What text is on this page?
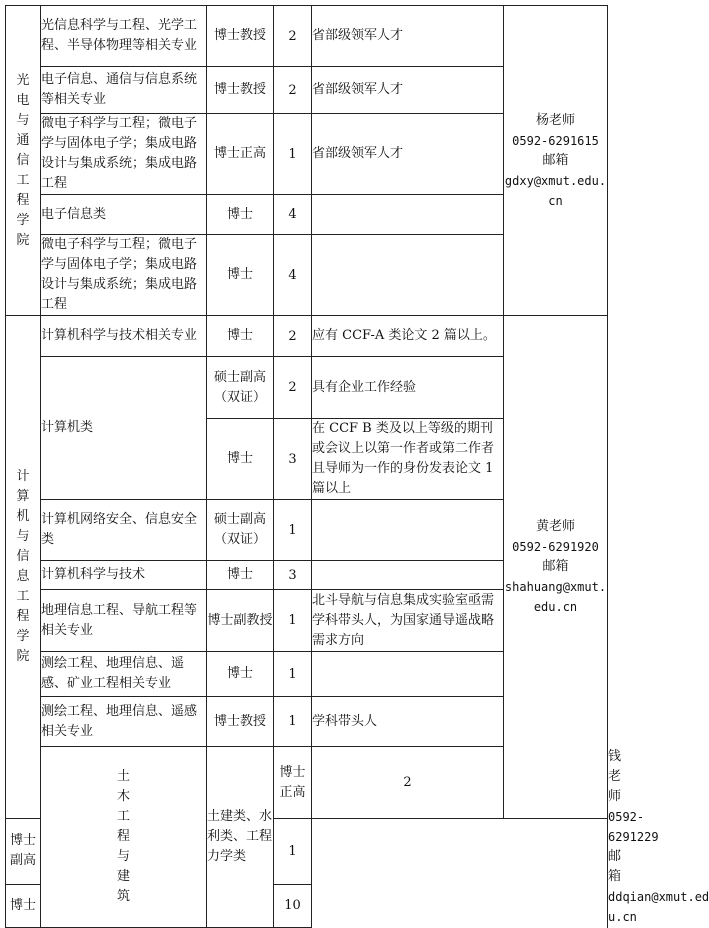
光电与通信工程学院	光信息科学与工程、光学工程、半导体物理等相关专业	博士教授	2	省部级领军人才	杨老师
0592-6291615
邮箱
gdxy@xmut.edu.
cn	

	电子信息、通信与信息系统等相关专业	博士教授	2	省部级领军人才		
	微电子科学与工程；微电子学与固体电子学；集成电路设计与集成系统；集成电路工程	博士正高	1	省部级领军人才		
	电子信息类	博士	4			
	微电子科学与工程；微电子学与固体电子学；集成电路设计与集成系统；集成电路工程	博士	4			

计算机与信息工程学院	计算机科学与技术相关专业	博士	2	应有 CCF-A 类论文 2 篇以上。	黄老师
0592-6291920
邮箱
shahuang@xmut.
edu.cn	

	计算机类	硕士副高（双证）	2	具有企业工作经验		
		博士	3	在 CCF B 类及以上等级的期刊或会议上以第一作者或第二作者且导师为一作的身份发表论文 1 篇以上		
	计算机网络安全、信息安全类	硕士副高（双证）	1			
	计算机科学与技术	博士	3			
	地理信息工程、导航工程等相关专业	博士副教授	1	北斗导航与信息集成实验室亟需学科带头人，为国家通导遥战略需求方向		
	测绘工程、地理信息、遥感、矿业工程相关专业	博士	1			
	测绘工程、地理信息、遥感相关专业	博士教授	1	学科带头人		

	土木工程与建筑	土建类、水利类、工程力学类	博士正高	2		钱老师
0592-6291229
邮箱
ddqian@xmut.ed
u.cn

博士副高			1			
博士			10			
